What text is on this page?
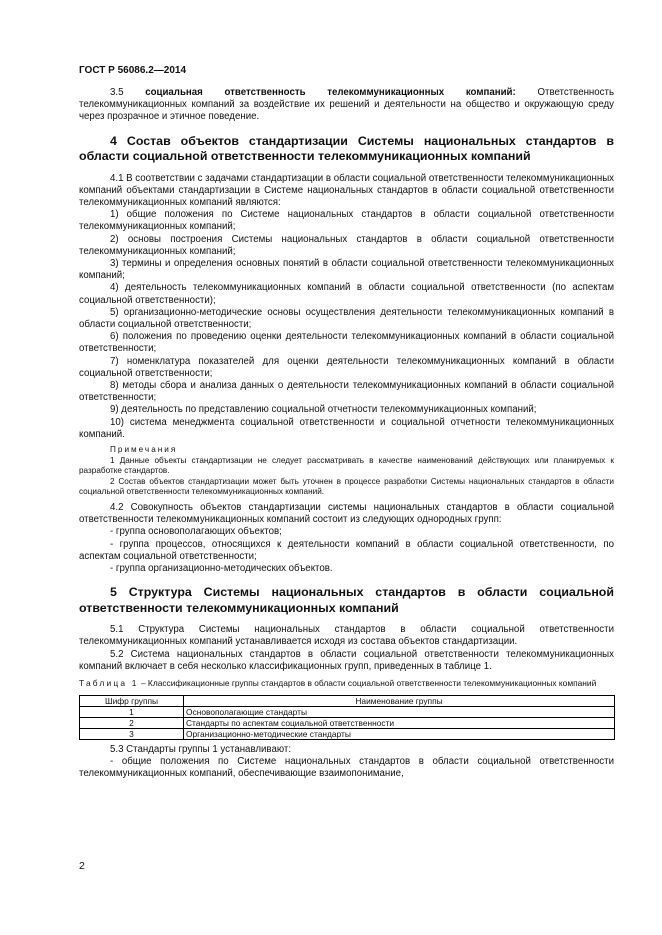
ГОСТ Р 56086.2—2014

3.5 социальная ответственность телекоммуникационных компаний: Ответственность телекоммуникационных компаний за воздействие их решений и деятельности на общество и окружающую среду через прозрачное и этичное поведение.

4 Состав объектов стандартизации Системы национальных стандартов в области социальной ответственности телекоммуникационных компаний

4.1 В соответствии с задачами стандартизации в области социальной ответственности телекоммуникационных компаний объектами стандартизации в Системе национальных стандартов в области социальной ответственности телекоммуникационных компаний являются:

1) общие положения по Системе национальных стандартов в области социальной ответственности телекоммуникационных компаний;

2) основы построения Системы национальных стандартов в области социальной ответственности телекоммуникационных компаний;

3) термины и определения основных понятий в области социальной ответственности телекоммуникационных компаний;

4) деятельность телекоммуникационных компаний в области социальной ответственности (по аспектам социальной ответственности);

5) организационно-методические основы осуществления деятельности телекоммуникационных компаний в области социальной ответственности;

6) положения по проведению оценки деятельности телекоммуникационных компаний в области социальной ответственности;

7) номенклатура показателей для оценки деятельности телекоммуникационных компаний в области социальной ответственности;

8) методы сбора и анализа данных о деятельности телекоммуникационных компаний в области социальной ответственности;

9) деятельность по представлению социальной отчетности телекоммуникационных компаний;

10) система менеджмента социальной ответственности и социальной отчетности телекоммуникационных компаний.

Примечания

1 Данные объекты стандартизации не следует рассматривать в качестве наименований действующих или планируемых к разработке стандартов.

2 Состав объектов стандартизации может быть уточнен в процессе разработки Системы национальных стандартов в области социальной ответственности телекоммуникационных компаний.

4.2 Совокупность объектов стандартизации системы национальных стандартов в области социальной ответственности телекоммуникационных компаний состоит из следующих однородных групп:

- группа основополагающих объектов;

- группа процессов, относящихся к деятельности компаний в области социальной ответственности, по аспектам социальной ответственности;

- группа организационно-методических объектов.

5 Структура Системы национальных стандартов в области социальной ответственности телекоммуникационных компаний

5.1 Структура Системы национальных стандартов в области социальной ответственности телекоммуникационных компаний устанавливается исходя из состава объектов стандартизации.

5.2 Система национальных стандартов в области социальной ответственности телекоммуникационных компаний включает в себя несколько классификационных групп, приведенных в таблице 1.

Таблица 1 – Классификационные группы стандартов в области социальной ответственности телекоммуникационных компаний

Шифр группы	Наименование группы
1	Основополагающие стандарты
2	Стандарты по аспектам социальной ответственности
3	Организационно-методические стандарты

5.3 Стандарты группы 1 устанавливают:

- общие положения по Системе национальных стандартов в области социальной ответственности телекоммуникационных компаний, обеспечивающие взаимопонимание,

2
